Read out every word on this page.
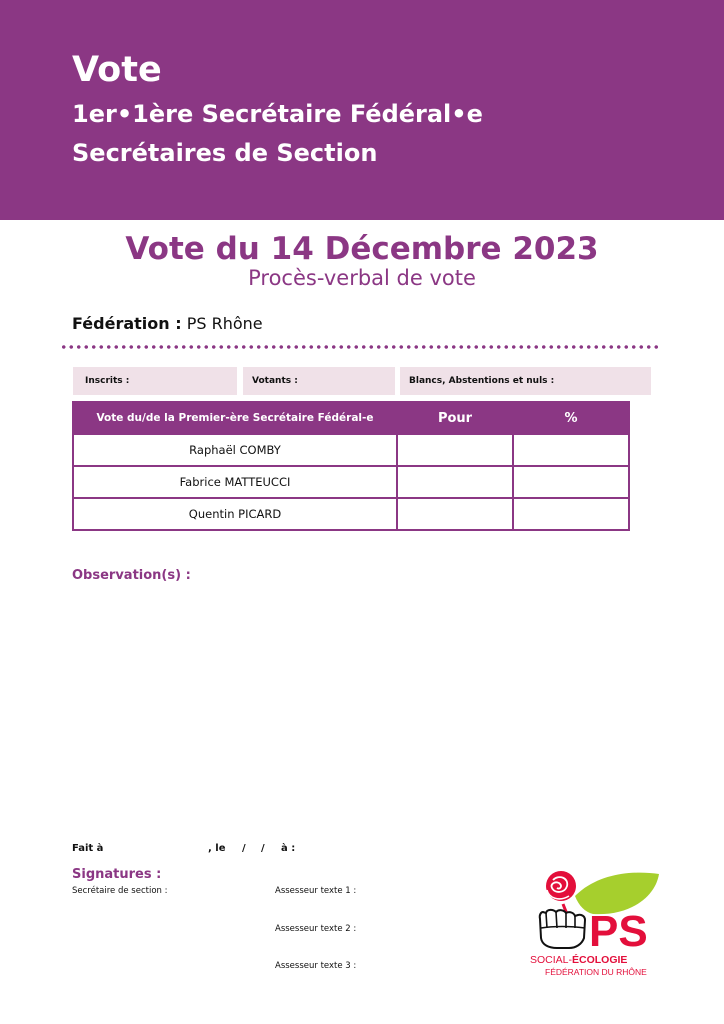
Vote
1er•1ère Secrétaire Fédéral•e
Secrétaires de Section
Vote du 14 Décembre 2023
Procès-verbal de vote
Fédération : PS Rhône
Inscrits :	Votants :	Blancs, Abstentions et nuls :
Vote du/de la Premier-ère Secrétaire Fédéral-e	Pour	%
Raphaël COMBY		
Fabrice MATTEUCCI		
Quentin PICARD		
Observation(s) :
Fait à	, le / / à :
Signatures :
Secrétaire de section :	Assesseur texte 1 :
Assesseur texte 2 :
Assesseur texte 3 :
PS
SOCIAL-ÉCOLOGIE
FÉDÉRATION DU RHÔNE
